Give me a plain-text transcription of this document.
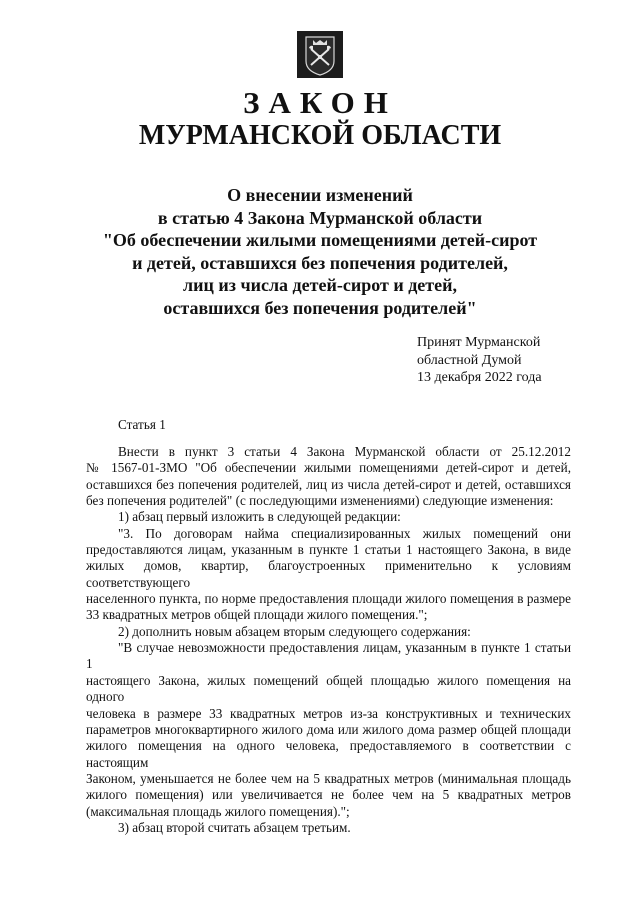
ЗАКОН
МУРМАНСКОЙ ОБЛАСТИ
О внесении изменений
в статью 4 Закона Мурманской области
"Об обеспечении жилыми помещениями детей-сирот
и детей, оставшихся без попечения родителей,
лиц из числа детей-сирот и детей,
оставшихся без попечения родителей"
Принят Мурманской
областной Думой
13 декабря 2022 года
Статья 1

Внести в пункт 3 статьи 4 Закона Мурманской области от 25.12.2012
№ 1567-01-ЗМО "Об обеспечении жилыми помещениями детей-сирот и детей,
оставшихся без попечения родителей, лиц из числа детей-сирот и детей, оставшихся
без попечения родителей" (с последующими изменениями) следующие изменения:

1) абзац первый изложить в следующей редакции:

"3. По договорам найма специализированных жилых помещений они
предоставляются лицам, указанным в пункте 1 статьи 1 настоящего Закона, в виде
жилых домов, квартир, благоустроенных применительно к условиям соответствующего
населенного пункта, по норме предоставления площади жилого помещения в размере
33 квадратных метров общей площади жилого помещения.";

2) дополнить новым абзацем вторым следующего содержания:

"В случае невозможности предоставления лицам, указанным в пункте 1 статьи 1
настоящего Закона, жилых помещений общей площадью жилого помещения на одного
человека в размере 33 квадратных метров из-за конструктивных и технических
параметров многоквартирного жилого дома или жилого дома размер общей площади
жилого помещения на одного человека, предоставляемого в соответствии с настоящим
Законом, уменьшается не более чем на 5 квадратных метров (минимальная площадь
жилого помещения) или увеличивается не более чем на 5 квадратных метров
(максимальная площадь жилого помещения).";

3) абзац второй считать абзацем третьим.
